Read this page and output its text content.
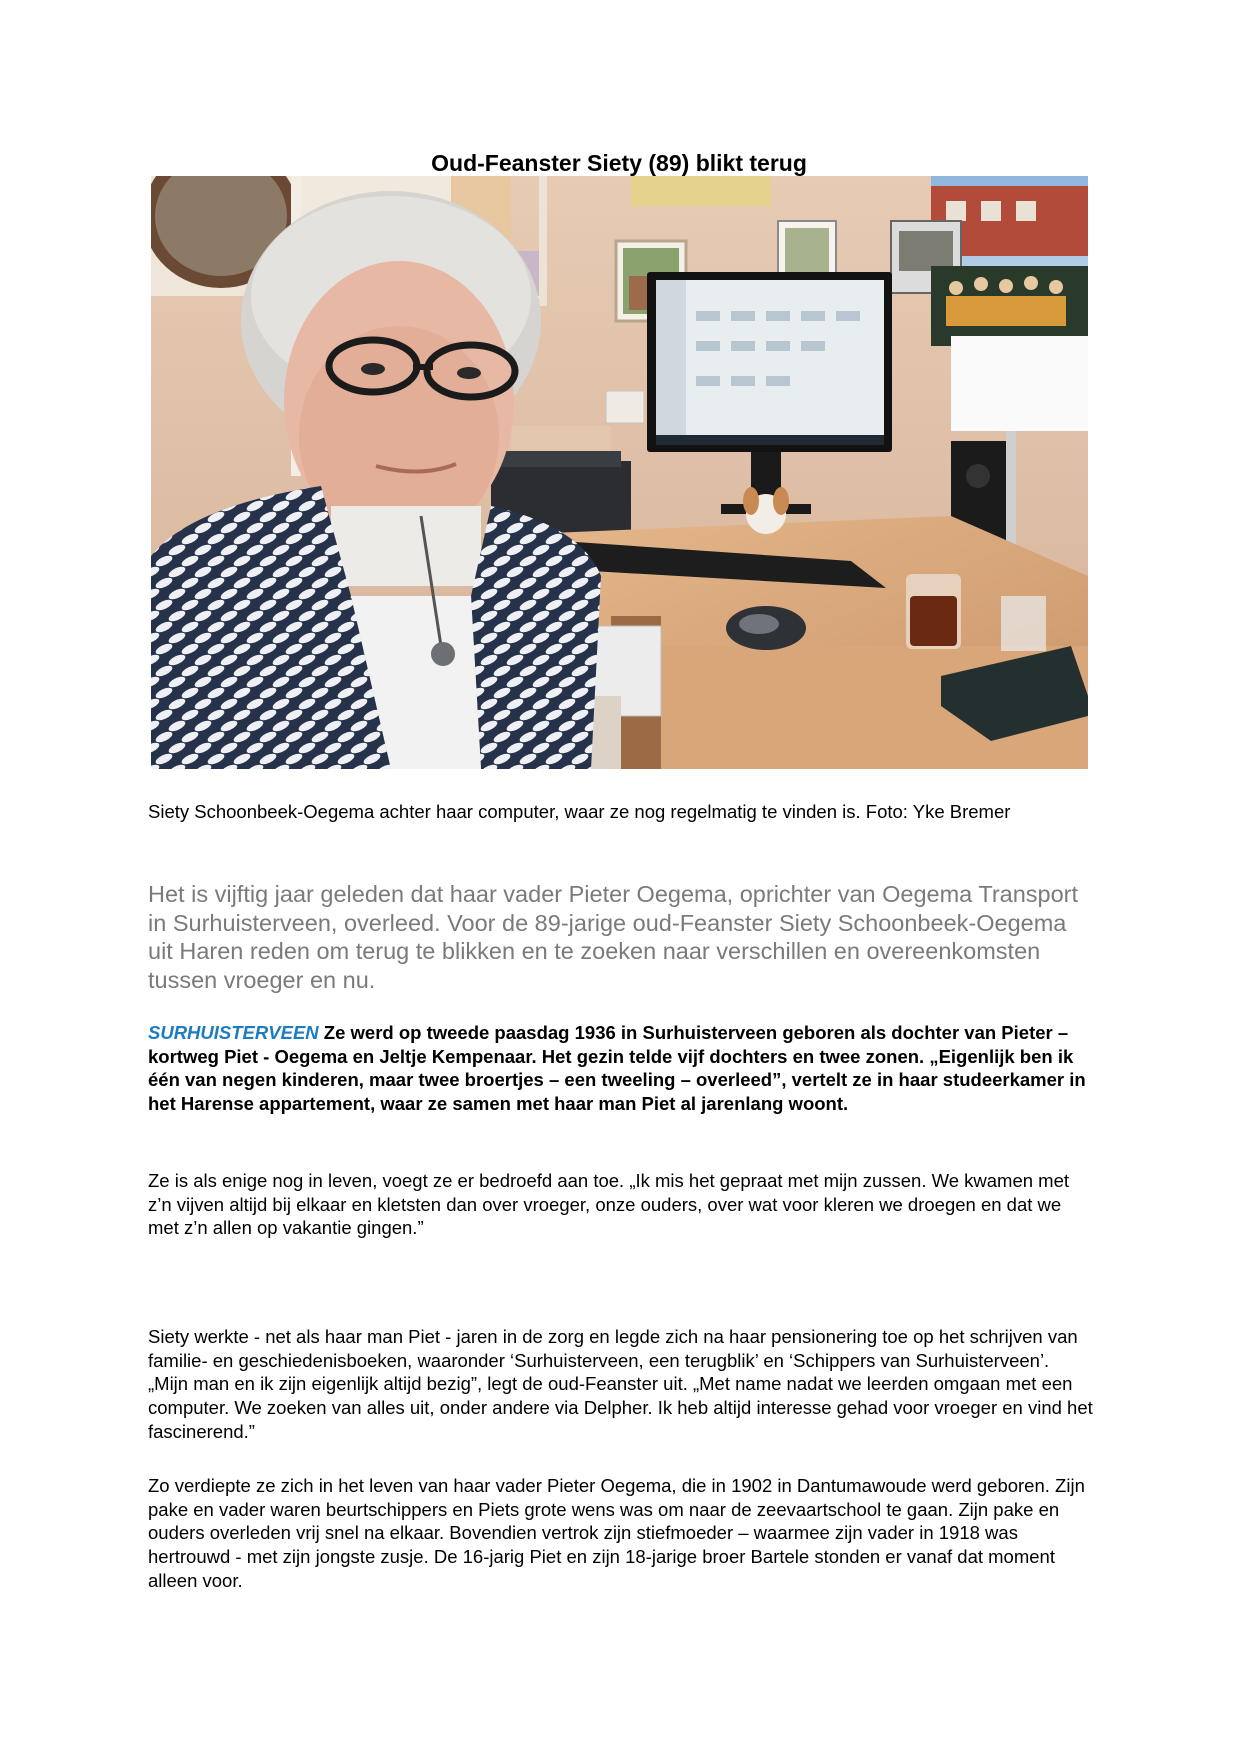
Oud-Feanster Siety (89) blikt terug

Siety Schoonbeek-Oegema achter haar computer, waar ze nog regelmatig te vinden is. Foto: Yke Bremer

Het is vijftig jaar geleden dat haar vader Pieter Oegema, oprichter van Oegema Transport in Surhuisterveen, overleed. Voor de 89-jarige oud-Feanster Siety Schoonbeek-Oegema uit Haren reden om terug te blikken en te zoeken naar verschillen en overeenkomsten tussen vroeger en nu.

SURHUISTERVEEN Ze werd op tweede paasdag 1936 in Surhuisterveen geboren als dochter van Pieter – kortweg Piet - Oegema en Jeltje Kempenaar. Het gezin telde vijf dochters en twee zonen. „Eigenlijk ben ik één van negen kinderen, maar twee broertjes – een tweeling – overleed”, vertelt ze in haar studeerkamer in het Harense appartement, waar ze samen met haar man Piet al jarenlang woont.

Ze is als enige nog in leven, voegt ze er bedroefd aan toe. „Ik mis het gepraat met mijn zussen. We kwamen met z’n vijven altijd bij elkaar en kletsten dan over vroeger, onze ouders, over wat voor kleren we droegen en dat we met z’n allen op vakantie gingen.”

Siety werkte - net als haar man Piet - jaren in de zorg en legde zich na haar pensionering toe op het schrijven van familie- en geschiedenisboeken, waaronder ‘Surhuisterveen, een terugblik’ en ‘Schippers van Surhuisterveen’. „Mijn man en ik zijn eigenlijk altijd bezig”, legt de oud-Feanster uit. „Met name nadat we leerden omgaan met een computer. We zoeken van alles uit, onder andere via Delpher. Ik heb altijd interesse gehad voor vroeger en vind het fascinerend.”

Zo verdiepte ze zich in het leven van haar vader Pieter Oegema, die in 1902 in Dantumawoude werd geboren. Zijn pake en vader waren beurtschippers en Piets grote wens was om naar de zeevaartschool te gaan. Zijn pake en ouders overleden vrij snel na elkaar. Bovendien vertrok zijn stiefmoeder – waarmee zijn vader in 1918 was hertrouwd - met zijn jongste zusje. De 16-jarig Piet en zijn 18-jarige broer Bartele stonden er vanaf dat moment alleen voor.
